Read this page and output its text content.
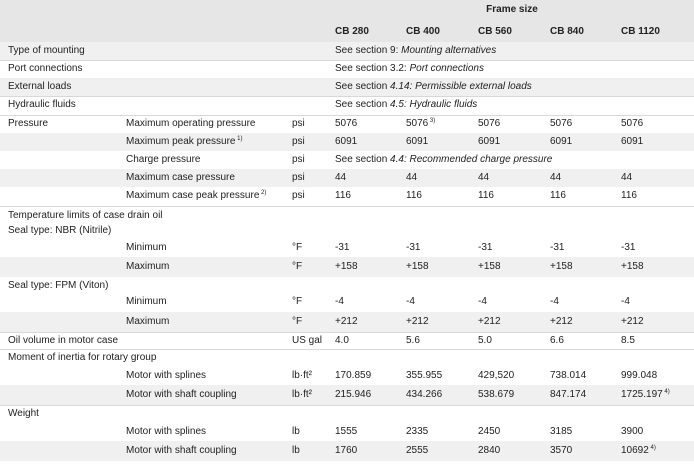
Frame size
CB 280	CB 400	CB 560	CB 840	CB 1120
Type of mounting	See section 9: Mounting alternatives
Port connections	See section 3.2: Port connections
External loads	See section 4.14: Permissible external loads
Hydraulic fluids	See section 4.5: Hydraulic fluids
Pressure	Maximum operating pressure	psi	5076	5076 $^{3)}$	5076	5076	5076
Maximum peak pressure $^{1)}$	psi	6091	6091	6091	6091	6091
Charge pressure	psi	See section 4.4: Recommended charge pressure
Maximum case pressure	psi	44	44	44	44	44
Maximum case peak pressure $^{2)}$	psi	116	116	116	116	116
Temperature limits of case drain oil
Seal type: NBR (Nitrile)
Minimum	°F	-31	-31	-31	-31	-31
Maximum	°F	+158	+158	+158	+158	+158
Seal type: FPM (Viton)
Minimum	°F	-4	-4	-4	-4	-4
Maximum	°F	+212	+212	+212	+212	+212
Oil volume in motor case	US gal 4.0	5.6	5.0	6.6	8.5
Moment of inertia for rotary group
Motor with splines	lb·ft² 170.859	355.955	429,520	738.014	999.048
Motor with shaft coupling	lb·ft² 215.946	434.266	538.679	847.174	1725.197 $^{4)}$
Weight
Motor with splines	lb	1555	2335	2450	3185	3900
Motor with shaft coupling	lb	1760	2555	2840	3570	10692 $^{4)}$
